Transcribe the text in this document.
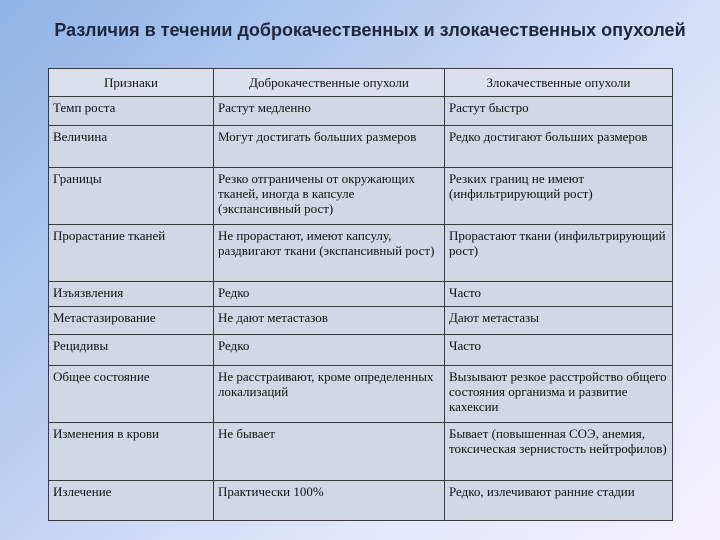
Различия в течении доброкачественных и злокачественных опухолей
Признаки	Доброкачественные опухоли	Злокачественные опухоли
Темп роста	Растут медленно	Растут быстро
Величина	Могут достигать больших размеров	Редко достигают больших размеров
Границы	Резко отграничены от окружающих тканей, иногда в капсуле (экспансивный рост)	Резких границ не имеют (инфильтрирующий рост)
Прорастание тканей	Не прорастают, имеют капсулу, раздвигают ткани (экспансивный рост)	Прорастают ткани (инфильтрирующий рост)
Изъязвления	Редко	Часто
Метастазирование	Не дают метастазов	Дают метастазы
Рецидивы	Редко	Часто
Общее состояние	Не расстраивают, кроме определенных локализаций	Вызывают резкое расстройство общего состояния организма и развитие кахексии
Изменения в крови	Не бывает	Бывает (повышенная СОЭ, анемия, токсическая зернистость нейтрофилов)
Излечение	Практически 100%	Редко, излечивают ранние стадии
